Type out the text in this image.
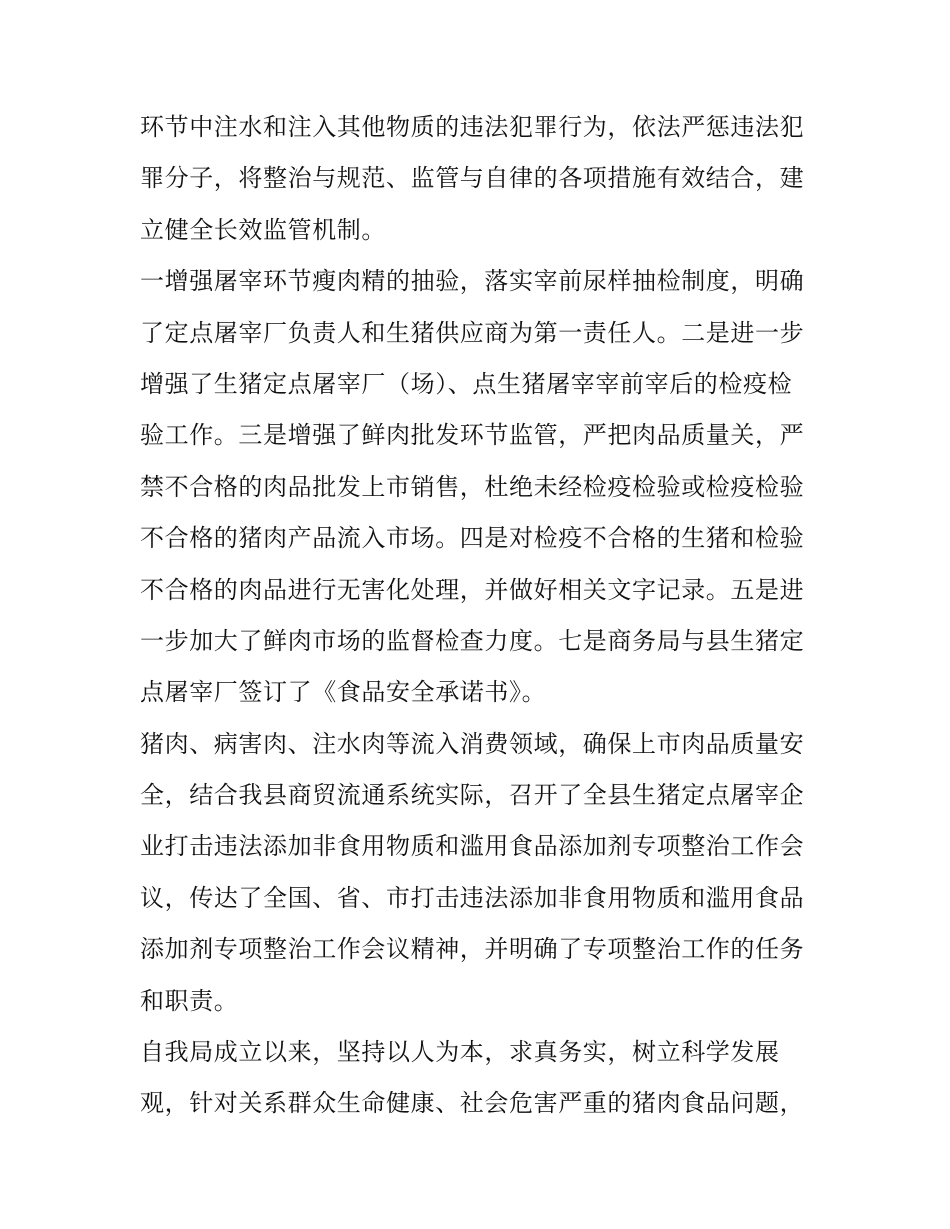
环节中注水和注入其他物质的违法犯罪行为，依法严惩违法犯
罪分子，将整治与规范、监管与自律的各项措施有效结合，建
立健全长效监管机制。
一增强屠宰环节瘦肉精的抽验，落实宰前尿样抽检制度，明确
了定点屠宰厂负责人和生猪供应商为第一责任人。二是进一步
增强了生猪定点屠宰厂（场）、点生猪屠宰宰前宰后的检疫检
验工作。三是增强了鲜肉批发环节监管，严把肉品质量关，严
禁不合格的肉品批发上市销售，杜绝未经检疫检验或检疫检验
不合格的猪肉产品流入市场。四是对检疫不合格的生猪和检验
不合格的肉品进行无害化处理，并做好相关文字记录。五是进
一步加大了鲜肉市场的监督检查力度。七是商务局与县生猪定
点屠宰厂签订了《食品安全承诺书》。
猪肉、病害肉、注水肉等流入消费领域，确保上市肉品质量安
全，结合我县商贸流通系统实际，召开了全县生猪定点屠宰企
业打击违法添加非食用物质和滥用食品添加剂专项整治工作会
议，传达了全国、省、市打击违法添加非食用物质和滥用食品
添加剂专项整治工作会议精神，并明确了专项整治工作的任务
和职责。
自我局成立以来，坚持以人为本，求真务实，树立科学发展
观，针对关系群众生命健康、社会危害严重的猪肉食品问题，
